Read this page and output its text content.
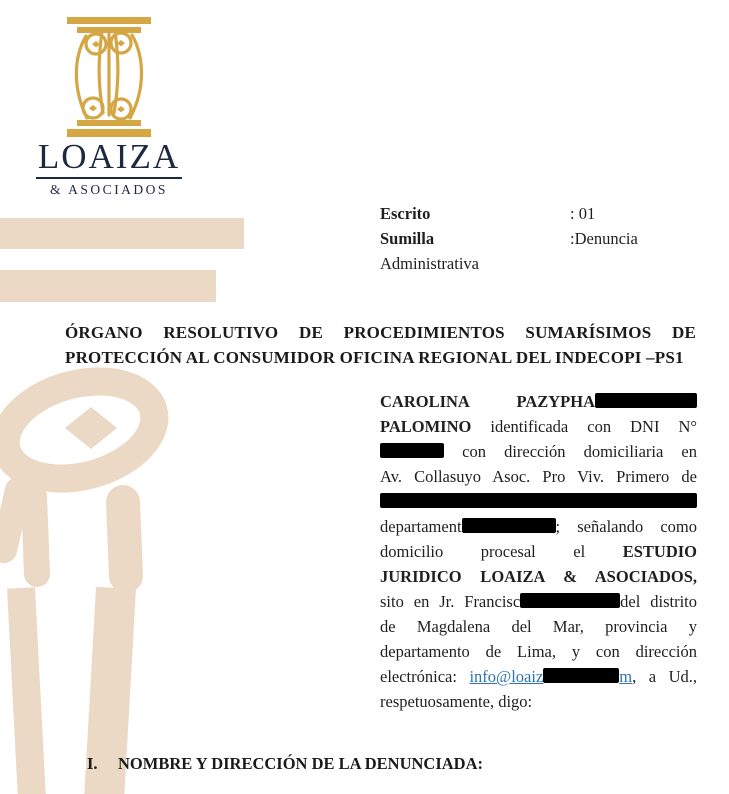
LOAIZA
& ASOCIADOS
Escrito	: 01
Sumilla	:Denuncia
Administrativa
ÓRGANO RESOLUTIVO DE PROCEDIMIENTOS SUMARÍSIMOS DE
PROTECCIÓN AL CONSUMIDOR OFICINA REGIONAL DEL INDECOPI –PS1
CAROLINA PAZYPHA
PALOMINO identificada con DNI N°
con dirección domiciliaria en
Av. Collasuyo Asoc. Pro Viv. Primero de
departament	; señalando como
domicilio procesal el ESTUDIO
JURIDICO LOAIZA & ASOCIADOS,
sito en Jr. Francisc	del distrito
de Magdalena del Mar, provincia y
departamento de Lima, y con dirección
electrónica: info@loaiz	m, a Ud.,
respetuosamente, digo:
I. NOMBRE Y DIRECCIÓN DE LA DENUNCIADA:
